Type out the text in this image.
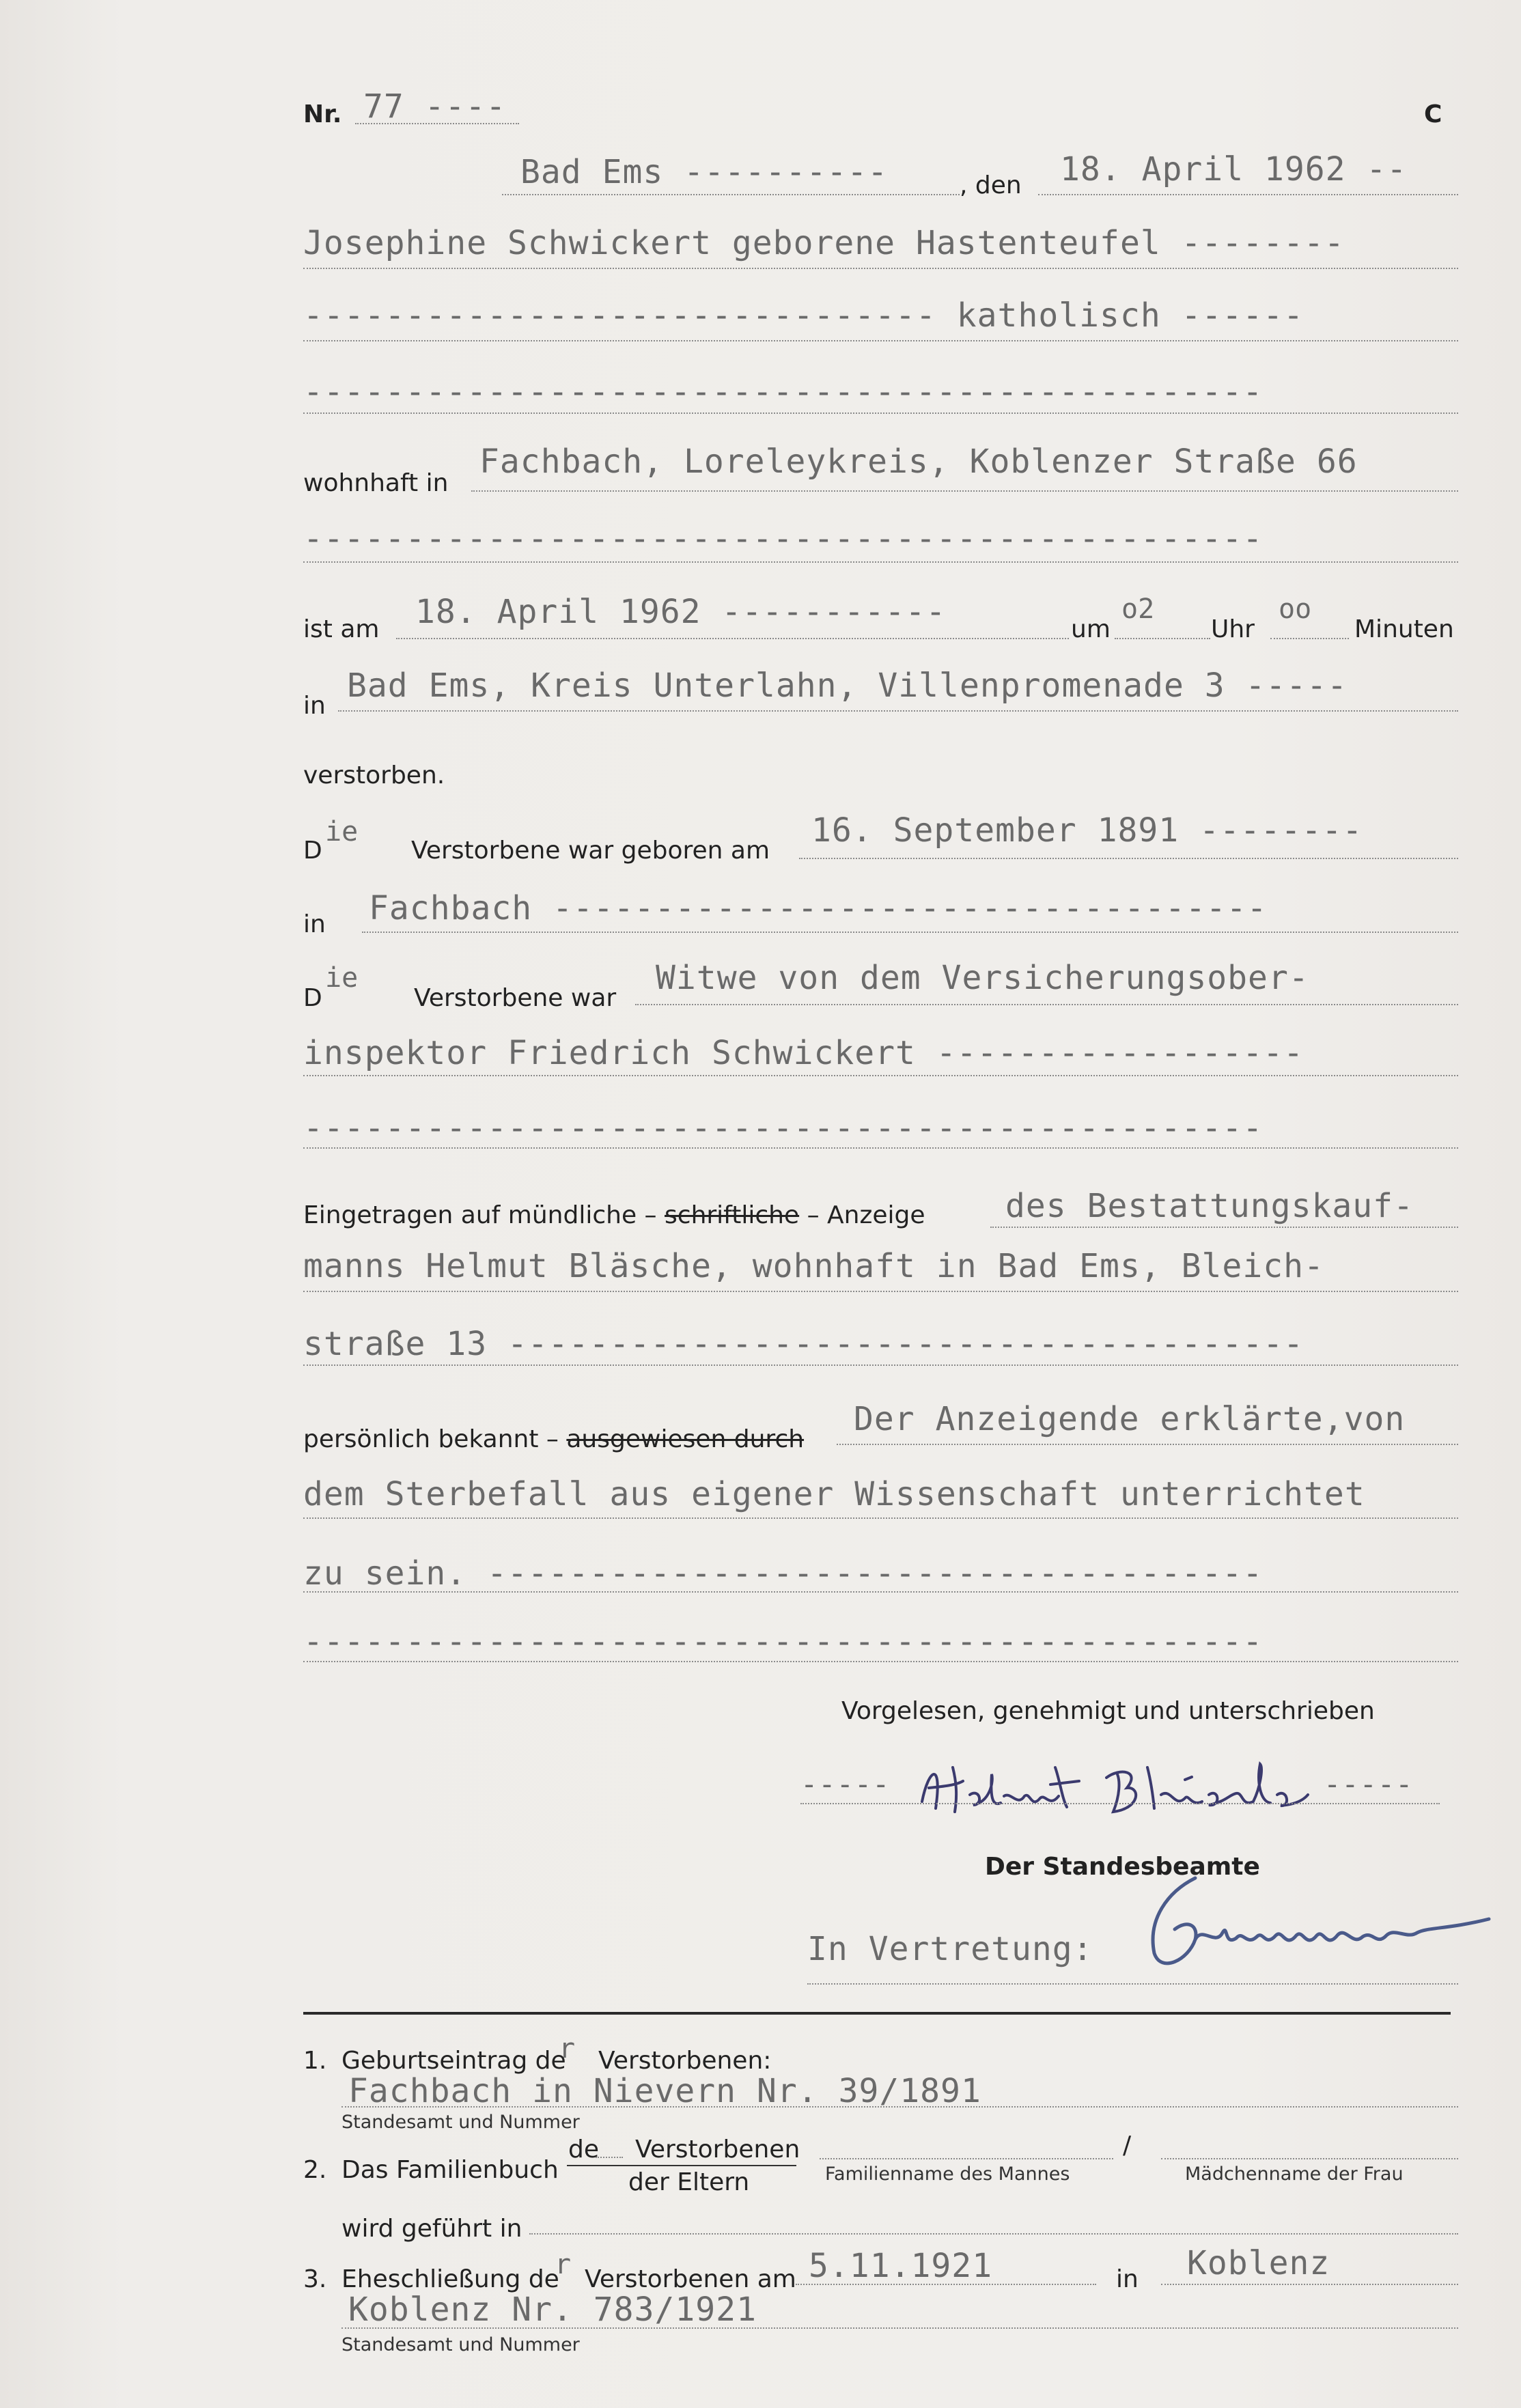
Nr. 77 ----	C
Bad Ems ----------	, den 18. April 1962 --
Josephine Schwickert geborene Hastenteufel --------
------------------------------- katholisch ------
-----------------------------------------------
wohnhaft in
Fachbach, Loreleykreis, Koblenzer Straße 66
-----------------------------------------------
ist am 18. April 1962 -----------	um
o2
Uhr
oo
Minuten
in
Bad Ems, Kreis Unterlahn, Villenpromenade 3 -----
verstorben.
D
ie
Verstorbene war geboren am
16. September 1891 --------
in Fachbach -----------------------------------
D
ie
Verstorbene war
Witwe von dem Versicherungsober-
inspektor Friedrich Schwickert ------------------
-----------------------------------------------
Eingetragen auf mündliche – schriftliche – Anzeige des Bestattungskauf-
manns Helmut Bläsche, wohnhaft in Bad Ems, Bleich-
straße 13 ---------------------------------------
persönlich bekannt – ausgewiesen durch
Der Anzeigende erklärte,von
dem Sterbefall aus eigener Wissenschaft unterrichtet
zu sein. --------------------------------------
-----------------------------------------------
Vorgelesen, genehmigt und unterschrieben
-----	-----
Der Standesbeamte
In Vertretung:
1. Geburtseintrag de
r Verstorbenen:
Fachbach in Nievern Nr. 39/1891
Standesamt und Nummer
2. Das Familienbuch
de Verstorbenen
der Eltern	Familienname des Mannes
/
Mädchenname der Frau
wird geführt in
3. Eheschließung de
r Verstorbenen am 5.11.1921	in Koblenz
Koblenz Nr. 783/1921
Standesamt und Nummer
